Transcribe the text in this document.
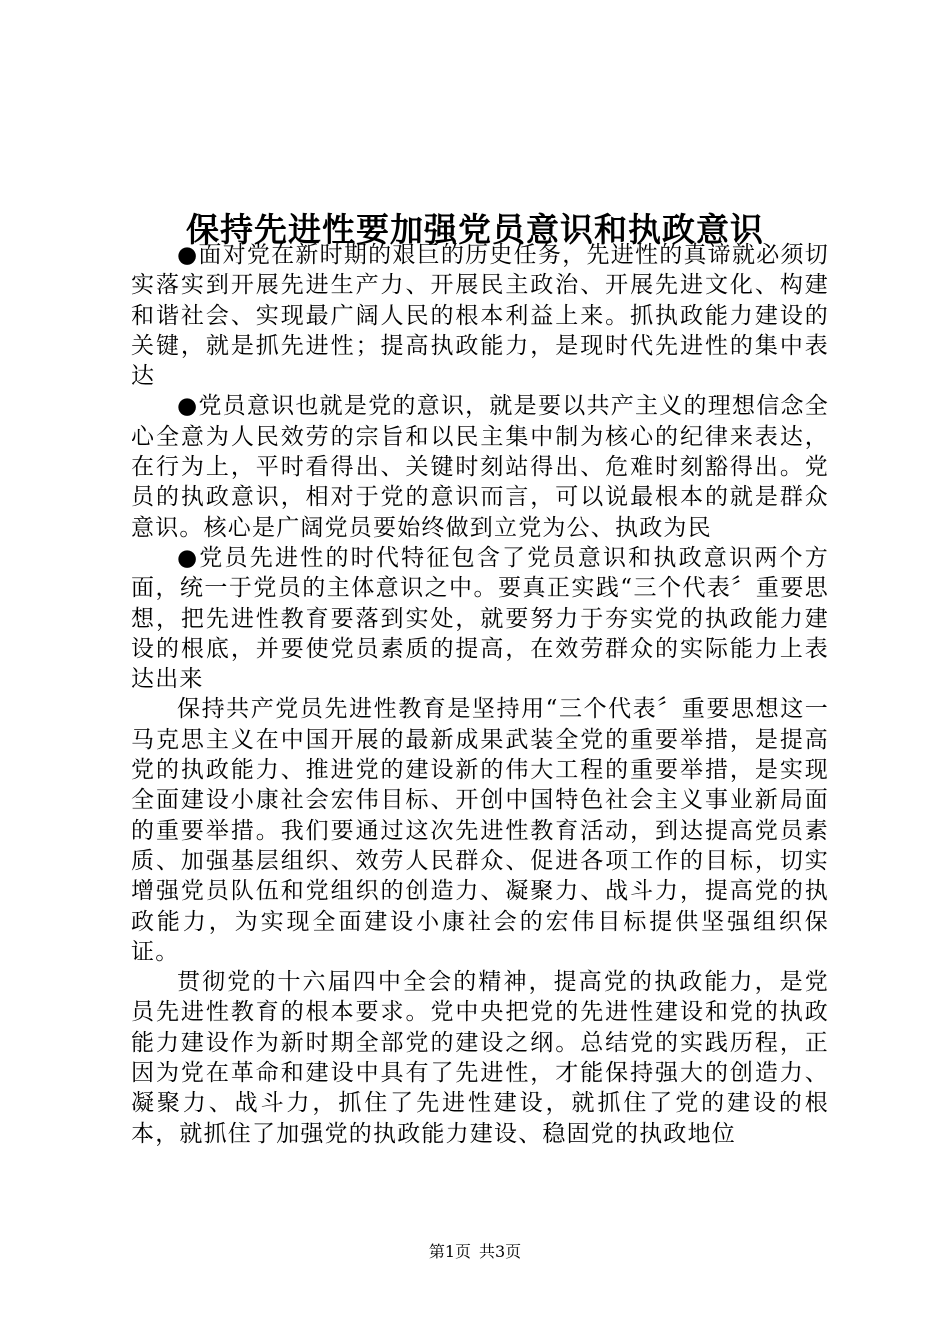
保持先进性要加强党员意识和执政意识

●面对党在新时期的艰巨的历史任务，先进性的真谛就必须切实落实到开展先进生产力、开展民主政治、开展先进文化、构建和谐社会、实现最广阔人民的根本利益上来。抓执政能力建设的关键，就是抓先进性；提高执政能力，是现时代先进性的集中表达

●党员意识也就是党的意识，就是要以共产主义的理想信念全心全意为人民效劳的宗旨和以民主集中制为核心的纪律来表达，在行为上，平时看得出、关键时刻站得出、危难时刻豁得出。党员的执政意识，相对于党的意识而言，可以说最根本的就是群众意识。核心是广阔党员要始终做到立党为公、执政为民

●党员先进性的时代特征包含了党员意识和执政意识两个方面，统一于党员的主体意识之中。要真正实践“三个代表〞重要思想，把先进性教育要落到实处，就要努力于夯实党的执政能力建设的根底，并要使党员素质的提高，在效劳群众的实际能力上表达出来

保持共产党员先进性教育是坚持用“三个代表〞重要思想这一马克思主义在中国开展的最新成果武装全党的重要举措，是提高党的执政能力、推进党的建设新的伟大工程的重要举措，是实现全面建设小康社会宏伟目标、开创中国特色社会主义事业新局面的重要举措。我们要通过这次先进性教育活动，到达提高党员素质、加强基层组织、效劳人民群众、促进各项工作的目标，切实增强党员队伍和党组织的创造力、凝聚力、战斗力，提高党的执政能力，为实现全面建设小康社会的宏伟目标提供坚强组织保证。

贯彻党的十六届四中全会的精神，提高党的执政能力，是党员先进性教育的根本要求。党中央把党的先进性建设和党的执政能力建设作为新时期全部党的建设之纲。总结党的实践历程，正因为党在革命和建设中具有了先进性，才能保持强大的创造力、凝聚力、战斗力，抓住了先进性建设，就抓住了党的建设的根本，就抓住了加强党的执政能力建设、稳固党的执政地位

第1页 共3页
